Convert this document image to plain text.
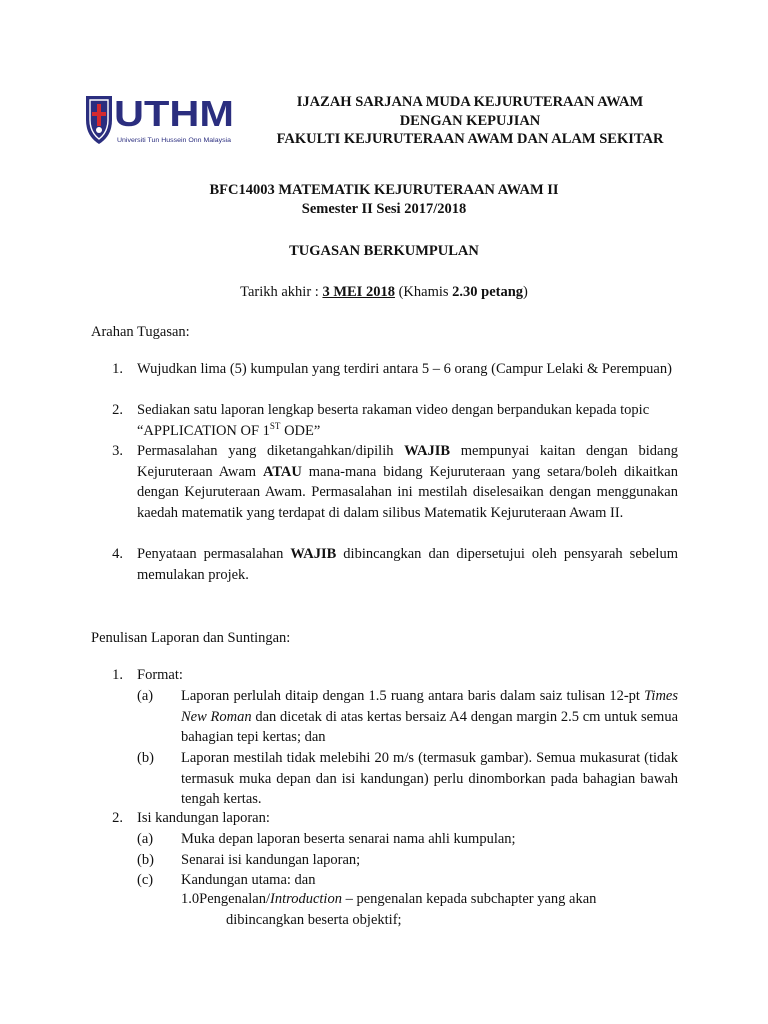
UTHM
Universiti Tun Hussein Onn Malaysia
IJAZAH SARJANA MUDA KEJURUTERAAN AWAM
DENGAN KEPUJIAN
FAKULTI KEJURUTERAAN AWAM DAN ALAM SEKITAR
BFC14003 MATEMATIK KEJURUTERAAN AWAM II
Semester II Sesi 2017/2018
TUGASAN BERKUMPULAN
Tarikh akhir : 3 MEI 2018 (Khamis 2.30 petang)
Arahan Tugasan:
1. Wujudkan lima (5) kumpulan yang terdiri antara 5 – 6 orang (Campur Lelaki & Perempuan)
2. Sediakan satu laporan lengkap beserta rakaman video dengan berpandukan kepada topic “APPLICATION OF 1ST ODE”
3. Permasalahan yang diketangahkan/dipilih WAJIB mempunyai kaitan dengan bidang Kejuruteraan Awam ATAU mana-mana bidang Kejuruteraan yang setara/boleh dikaitkan dengan Kejuruteraan Awam. Permasalahan ini mestilah diselesaikan dengan menggunakan kaedah matematik yang terdapat di dalam silibus Matematik Kejuruteraan Awam II.
4. Penyataan permasalahan WAJIB dibincangkan dan dipersetujui oleh pensyarah sebelum memulakan projek.
Penulisan Laporan dan Suntingan:
1. Format:
(a)	Laporan perlulah ditaip dengan 1.5 ruang antara baris dalam saiz tulisan 12-pt Times New Roman dan dicetak di atas kertas bersaiz A4 dengan margin 2.5 cm untuk semua bahagian tepi kertas; dan
(b)	Laporan mestilah tidak melebihi 20 m/s (termasuk gambar). Semua mukasurat (tidak termasuk muka depan dan isi kandungan) perlu dinomborkan pada bahagian bawah tengah kertas.
2. Isi kandungan laporan:
(a)	Muka depan laporan beserta senarai nama ahli kumpulan;
(b)	Senarai isi kandungan laporan;
(c)	Kandungan utama: dan
1.0Pengenalan/Introduction – pengenalan kepada subchapter yang akan
dibincangkan beserta objektif;
